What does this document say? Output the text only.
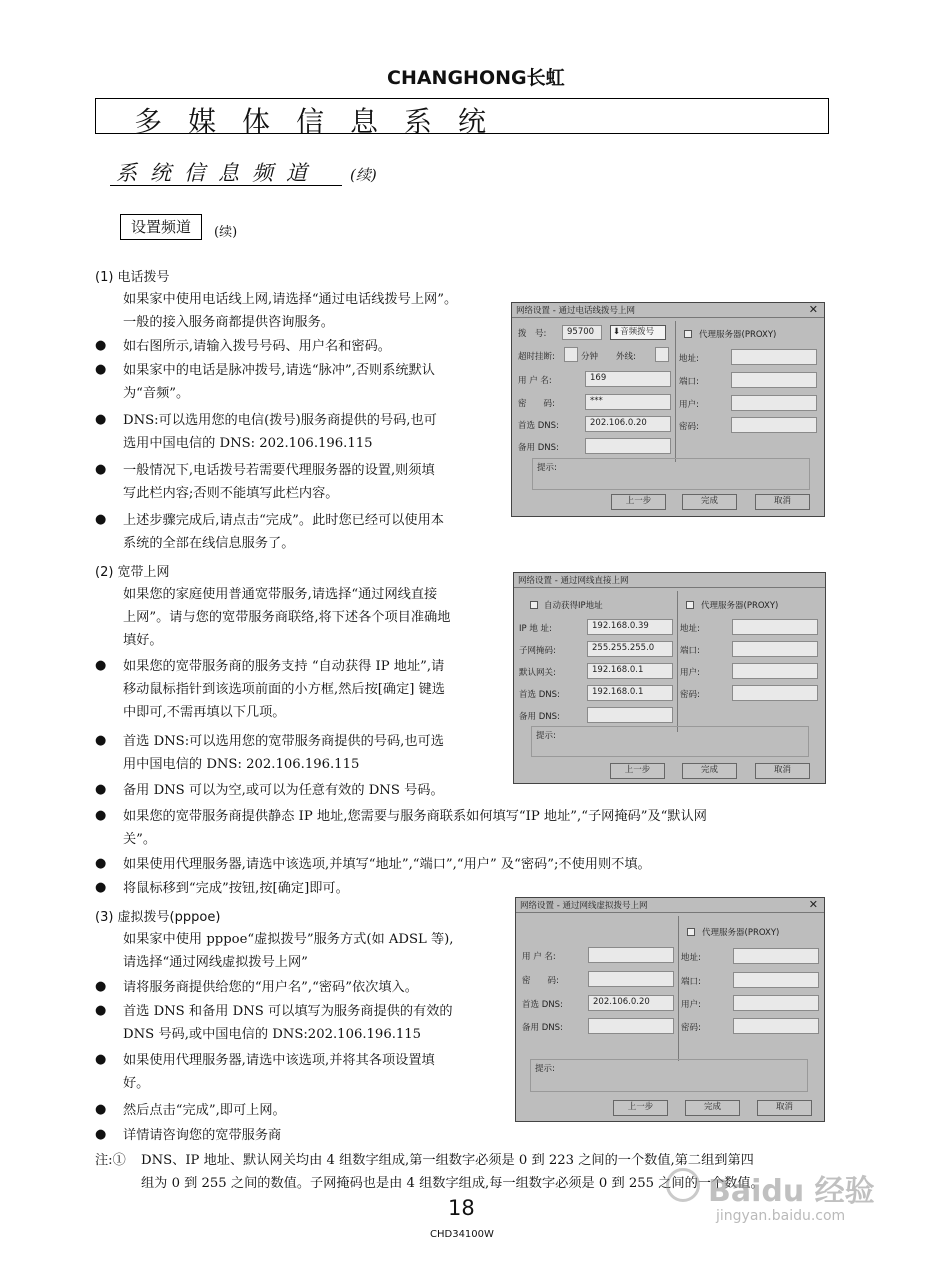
CHANGHONG长虹
多媒体信息系统
系统信息频道 (续)
设置频道	(续)
(1) 电话拨号
如果家中使用电话线上网,请选择“通过电话线拨号上网”。
一般的接入服务商都提供咨询服务。
● 如右图所示,请输入拨号号码、用户名和密码。
● 如果家中的电话是脉冲拨号,请选“脉冲”,否则系统默认
为“音频”。
● DNS:可以选用您的电信(拨号)服务商提供的号码,也可
选用中国电信的 DNS: 202.106.196.115
● 一般情况下,电话拨号若需要代理服务器的设置,则须填
写此栏内容;否则不能填写此栏内容。
● 上述步骤完成后,请点击“完成”。此时您已经可以使用本
系统的全部在线信息服务了。
(2) 宽带上网
如果您的家庭使用普通宽带服务,请选择“通过网线直接
上网”。请与您的宽带服务商联络,将下述各个项目准确地
填好。
● 如果您的宽带服务商的服务支持 “自动获得 IP 地址”,请
移动鼠标指针到该选项前面的小方框,然后按[确定] 键选
中即可,不需再填以下几项。
● 首选 DNS:可以选用您的宽带服务商提供的号码,也可选
用中国电信的 DNS: 202.106.196.115
● 备用 DNS 可以为空,或可以为任意有效的 DNS 号码。
● 如果您的宽带服务商提供静态 IP 地址,您需要与服务商联系如何填写“IP 地址”,“子网掩码”及“默认网
关”。
● 如果使用代理服务器,请选中该选项,并填写“地址”,“端口”,“用户” 及“密码”;不使用则不填。
● 将鼠标移到“完成”按钮,按[确定]即可。
(3) 虚拟拨号(pppoe)
如果家中使用 pppoe“虚拟拨号”服务方式(如 ADSL 等),
请选择“通过网线虚拟拨号上网”
● 请将服务商提供给您的“用户名”,“密码”依次填入。
● 首选 DNS 和备用 DNS 可以填写为服务商提供的有效的
DNS 号码,或中国电信的 DNS:202.106.196.115
● 如果使用代理服务器,请选中该选项,并将其各项设置填
好。
● 然后点击“完成”,即可上网。
● 详情请咨询您的宽带服务商
注:① DNS、IP 地址、默认网关均由 4 组数字组成,第一组数字必须是 0 到 223 之间的一个数值,第二组到第四
组为 0 到 255 之间的数值。子网掩码也是由 4 组数字组成,每一组数字必须是 0 到 255 之间的一个数值。
Baidu 经验
jingyan.baidu.com
18
CHD34100W
网络设置 - 通过电话线拨号上网	✕
拨　号:	95700	⬇音频拨号
超时挂断:	分钟 外线:
用 户 名:	169
密　　码:	***
首选 DNS:	202.106.0.20
备用 DNS:
代理服务器(PROXY)
地址:
端口:
用户:
密码:
提示:
上一步	完成	取消
网络设置 - 通过网线直接上网
自动获得IP地址
IP 地 址:	192.168.0.39
子网掩码:	255.255.255.0
默认网关:	192.168.0.1
首选 DNS:	192.168.0.1
备用 DNS:
代理服务器(PROXY)
地址:
端口:
用户:
密码:
提示:
上一步	完成	取消
网络设置 - 通过网线虚拟拨号上网	✕
用 户 名:
密　　码:
首选 DNS:	202.106.0.20
备用 DNS:
代理服务器(PROXY)
地址:
端口:
用户:
密码:
提示:
上一步	完成	取消
